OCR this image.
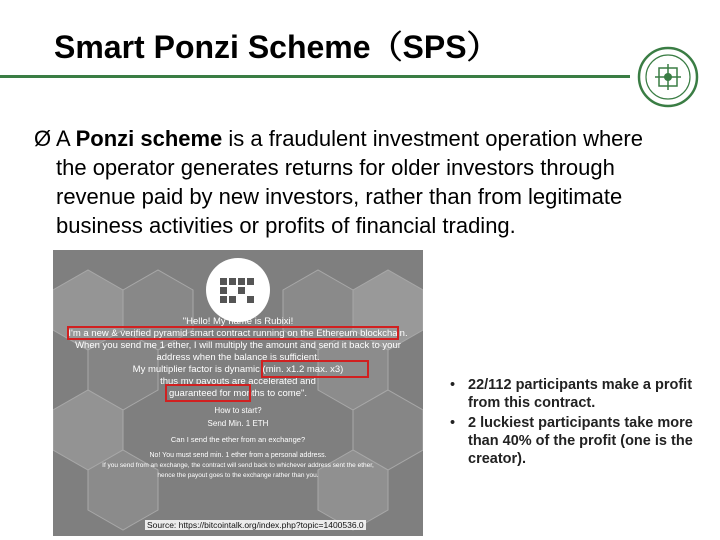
Smart Ponzi Scheme（SPS）
Ø A Ponzi scheme is a fraudulent investment operation where the operator generates returns for older investors through revenue paid by new investors, rather than from legitimate business activities or profits of financial trading.
"Hello! My name is Rubixi!
I'm a new & verified pyramid smart contract running on the Ethereum blockchain.
When you send me 1 ether, I will multiply the amount and send it back to your
address when the balance is sufficient.
My multiplier factor is dynamic (min. x1.2 max. x3)
thus my payouts are accelerated and
guaranteed for months to come".
How to start?
Send Min. 1 ETH
Can I send the ether from an exchange?
No! You must send min. 1 ether from a personal address.
If you send from an exchange, the contract will send back to whichever address sent the ether,
hence the payout goes to the exchange rather than you.
Source: https://bitcointalk.org/index.php?topic=1400536.0
• 22/112 participants make a profit from this contract.
• 2 luckiest participants take more than 40% of the profit (one is the creator).
